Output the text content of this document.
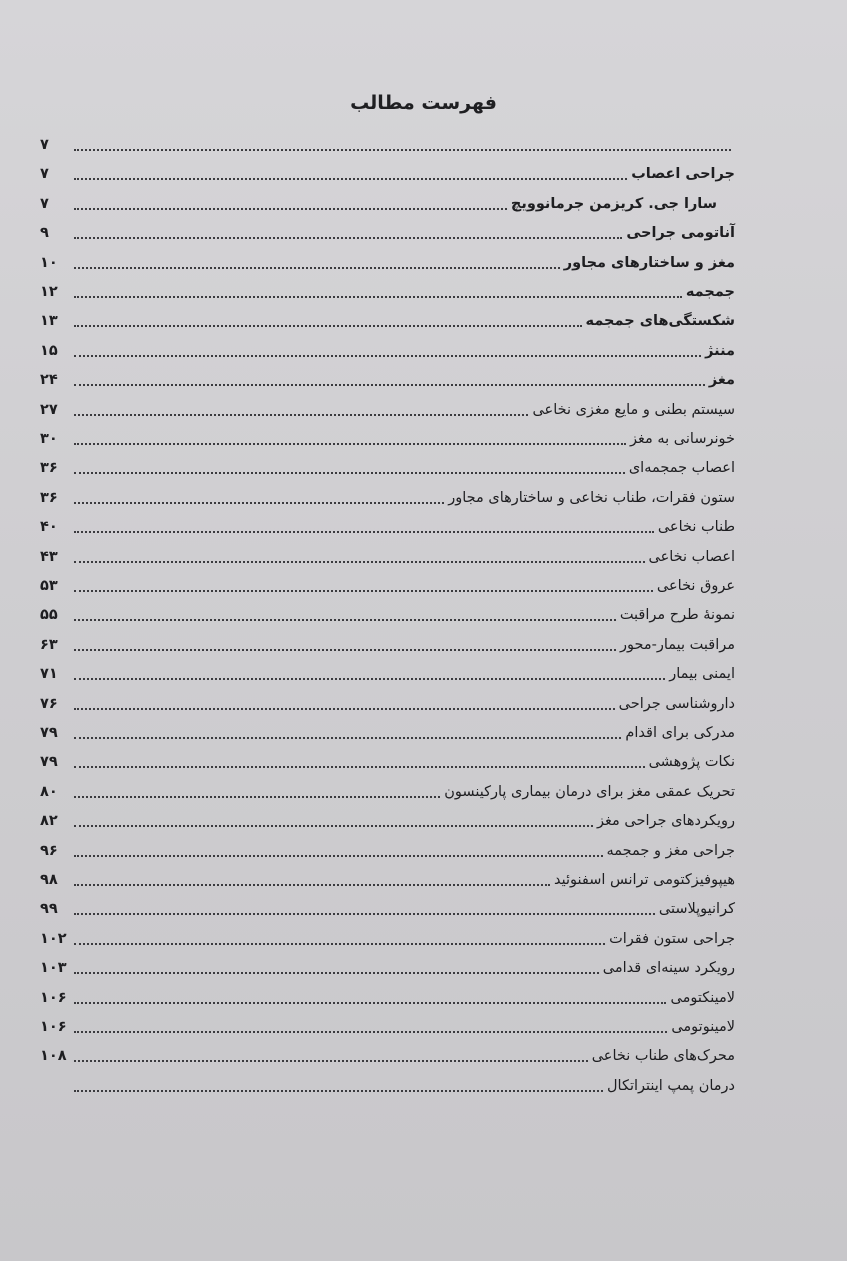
فهرست مطالب
۷
جراحی اعصاب
۷
سارا جی. کریزمن جرمانوویچ
۷
آناتومی جراحی
۹
مغز و ساختارهای مجاور
۱۰
جمجمه
۱۲
شکستگی‌های جمجمه
۱۳
مننژ
۱۵
مغز
۲۴
سیستم بطنی و مایع مغزی نخاعی
۲۷
خونرسانی به مغز
۳۰
اعصاب جمجمه‌ای
۳۶
ستون فقرات، طناب نخاعی و ساختارهای مجاور
۳۶
طناب نخاعی
۴۰
اعصاب نخاعی
۴۳
عروق نخاعی
۵۳
نمونهٔ طرح مراقبت
۵۵
مراقبت بیمار-محور
۶۳
ایمنی بیمار
۷۱
داروشناسی جراحی
۷۶
مدرکی برای اقدام
۷۹
نکات پژوهشی
۷۹
تحریک عمقی مغز برای درمان بیماری پارکینسون
۸۰
رویکردهای جراحی مغز
۸۲
جراحی مغز و جمجمه
۹۶
هیپوفیزکتومی ترانس اسفنوئید
۹۸
کرانیوپلاستی
۹۹
جراحی ستون فقرات
۱۰۲
رویکرد سینه‌ای قدامی
۱۰۳
لامینکتومی
۱۰۶
لامینوتومی
۱۰۶
محرک‌های طناب نخاعی
۱۰۸
درمان پمپ اینتراتکال
